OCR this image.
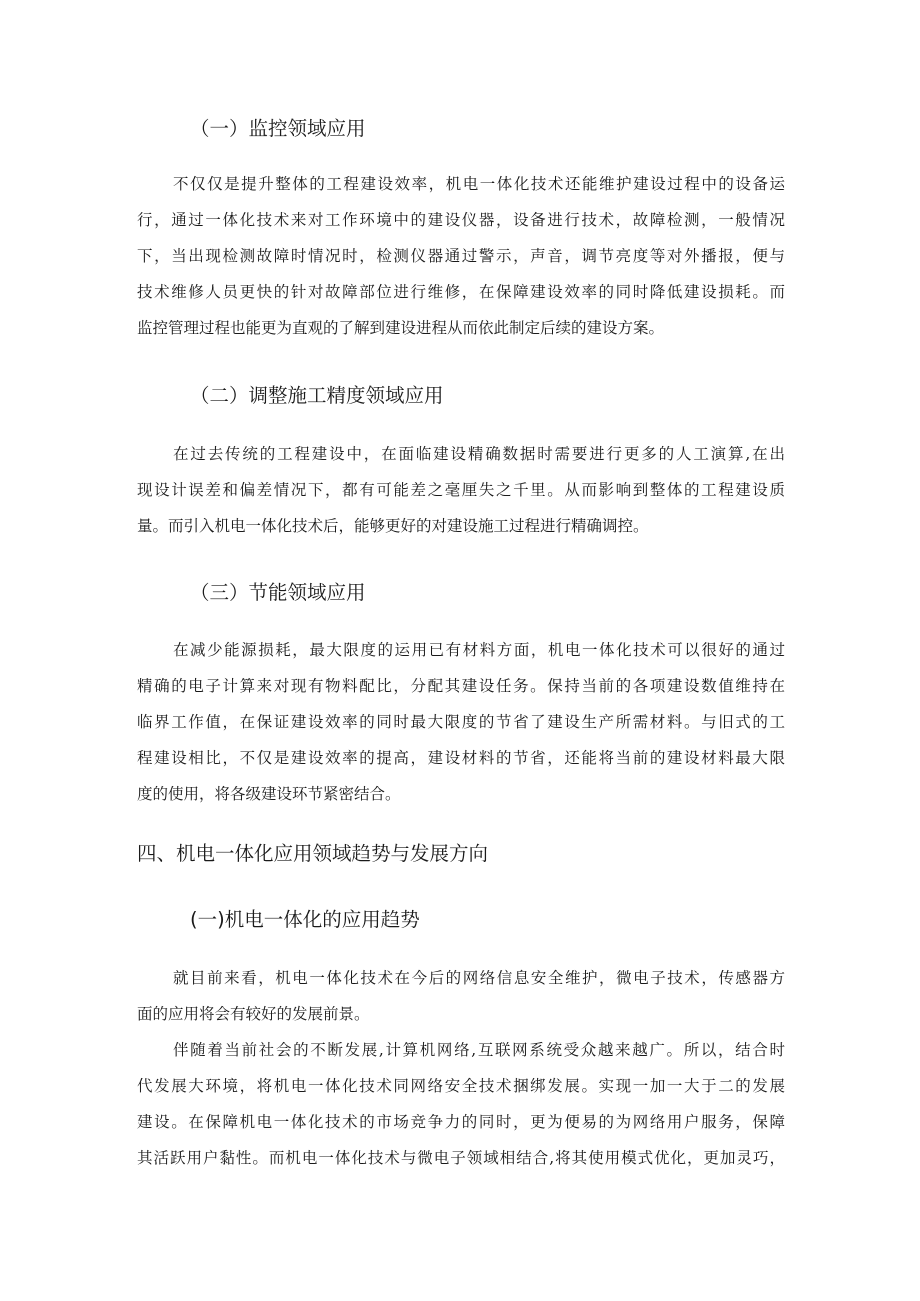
（一）监控领域应用
不仅仅是提升整体的工程建设效率，机电一体化技术还能维护建设过程中的设备运
行，通过一体化技术来对工作环境中的建设仪器，设备进行技术，故障检测，一般情况
下，当出现检测故障时情况时，检测仪器通过警示，声音，调节亮度等对外播报，便与
技术维修人员更快的针对故障部位进行维修，在保障建设效率的同时降低建设损耗。而
监控管理过程也能更为直观的了解到建设进程从而依此制定后续的建设方案。
（二）调整施工精度领域应用
在过去传统的工程建设中，在面临建设精确数据时需要进行更多的人工演算,在出
现设计误差和偏差情况下，都有可能差之毫厘失之千里。从而影响到整体的工程建设质
量。而引入机电一体化技术后，能够更好的对建设施工过程进行精确调控。
（三）节能领域应用
在减少能源损耗，最大限度的运用已有材料方面，机电一体化技术可以很好的通过
精确的电子计算来对现有物料配比，分配其建设任务。保持当前的各项建设数值维持在
临界工作值，在保证建设效率的同时最大限度的节省了建设生产所需材料。与旧式的工
程建设相比，不仅是建设效率的提高，建设材料的节省，还能将当前的建设材料最大限
度的使用，将各级建设环节紧密结合。
四、机电一体化应用领域趋势与发展方向
(一)机电一体化的应用趋势
就目前来看，机电一体化技术在今后的网络信息安全维护，微电子技术，传感器方
面的应用将会有较好的发展前景。
伴随着当前社会的不断发展,计算机网络,互联网系统受众越来越广。所以，结合时
代发展大环境，将机电一体化技术同网络安全技术捆绑发展。实现一加一大于二的发展
建设。在保障机电一体化技术的市场竞争力的同时，更为便易的为网络用户服务，保障
其活跃用户黏性。而机电一体化技术与微电子领域相结合,将其使用模式优化，更加灵巧，
